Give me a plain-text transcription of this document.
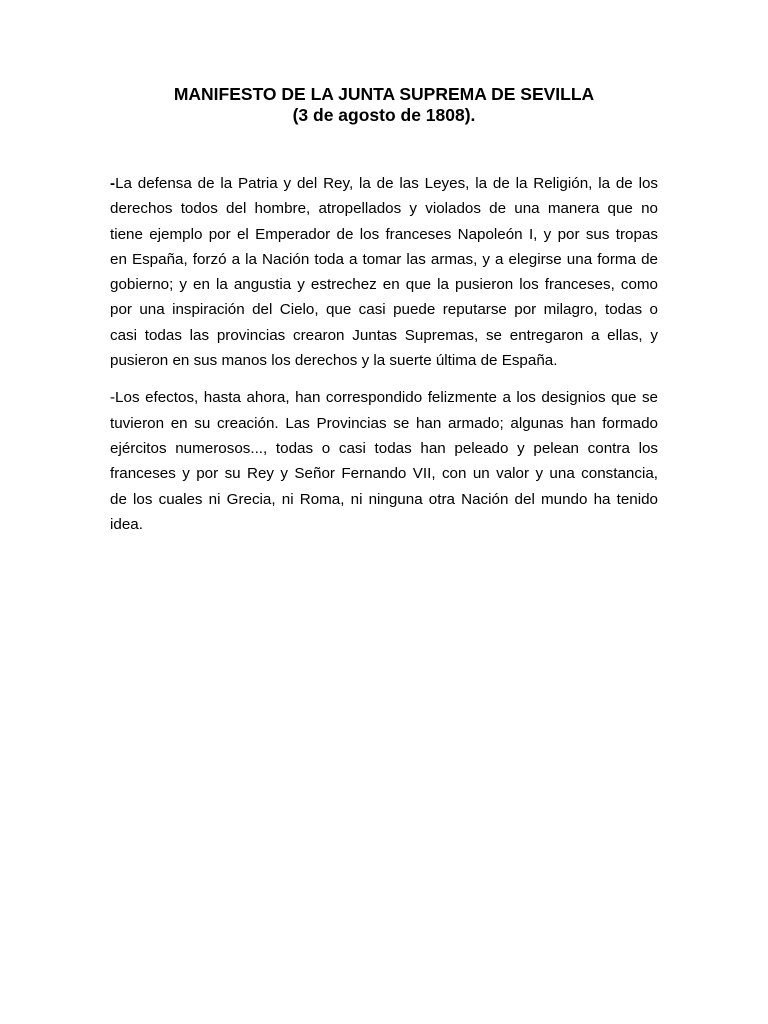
MANIFESTO DE LA JUNTA SUPREMA DE SEVILLA
(3 de agosto de 1808).
-La defensa de la Patria y del Rey, la de las Leyes, la de la Religión, la de los
derechos todos del hombre, atropellados y violados de una manera que no
tiene ejemplo por el Emperador de los franceses Napoleón I, y por sus tropas
en España, forzó a la Nación toda a tomar las armas, y a elegirse una forma de
gobierno; y en la angustia y estrechez en que la pusieron los franceses, como
por una inspiración del Cielo, que casi puede reputarse por milagro, todas o
casi todas las provincias crearon Juntas Supremas, se entregaron a ellas, y
pusieron en sus manos los derechos y la suerte última de España.
-Los efectos, hasta ahora, han correspondido felizmente a los designios que se
tuvieron en su creación. Las Provincias se han armado; algunas han formado
ejércitos numerosos..., todas o casi todas han peleado y pelean contra los
franceses y por su Rey y Señor Fernando VII, con un valor y una constancia,
de los cuales ni Grecia, ni Roma, ni ninguna otra Nación del mundo ha tenido
idea.
